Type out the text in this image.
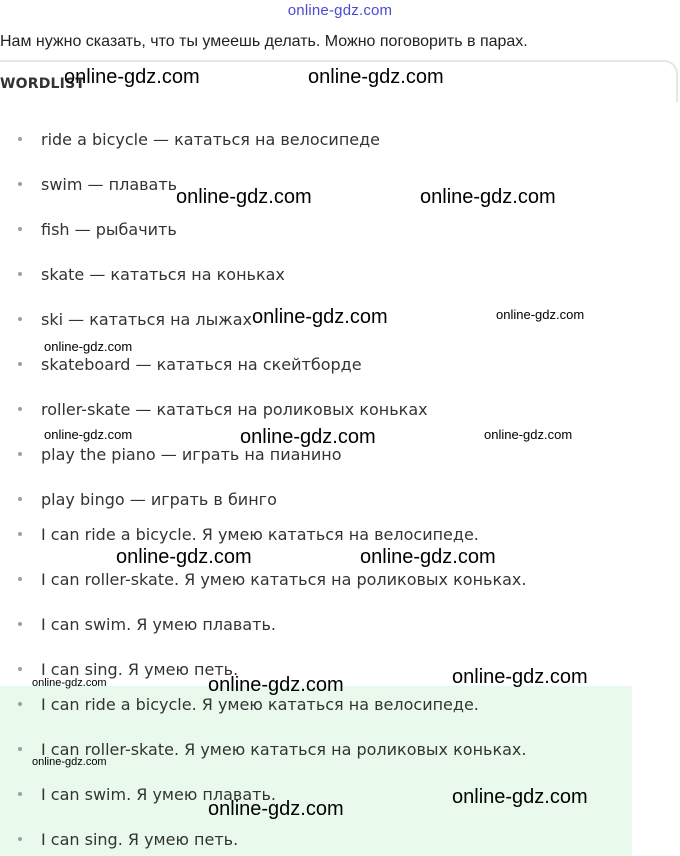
online-gdz.com
Нам нужно сказать, что ты умеешь делать. Можно поговорить в парах.
WORDLIST
ride a bicycle — кататься на велосипеде
swim — плавать
fish — рыбачить
skate — кататься на коньках
ski — кататься на лыжах
skateboard — кататься на скейтборде
roller-skate — кататься на роликовых коньках
play the piano — играть на пианино
play bingo — играть в бинго
I can ride a bicycle. Я умею кататься на велосипеде.
I can roller-skate. Я умею кататься на роликовых коньках.
I can swim. Я умею плавать.
I can sing. Я умею петь.
I can ride a bicycle. Я умею кататься на велосипеде.
I can roller-skate. Я умею кататься на роликовых коньках.
I can swim. Я умею плавать.
I can sing. Я умею петь.
online-gdz.com	online-gdz.com
online-gdz.com	online-gdz.com
online-gdz.com	online-gdz.com
online-gdz.com
online-gdz.com	online-gdz.com	online-gdz.com
online-gdz.com	online-gdz.com
online-gdz.com
online-gdz.com	online-gdz.com
online-gdz.com
online-gdz.com
online-gdz.com
